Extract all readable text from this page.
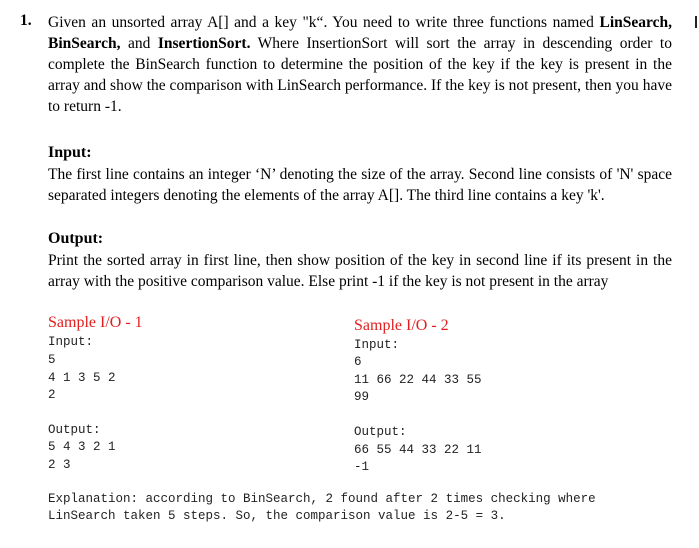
1. Given an unsorted array A[] and a key "k“. You need to write three functions named LinSearch, BinSearch, and InsertionSort. Where InsertionSort will sort the array in descending order to complete the BinSearch function to determine the position of the key if the key is present in the array and show the comparison with LinSearch performance. If the key is not present, then you have to return -1.
Input:
The first line contains an integer ‘N’ denoting the size of the array. Second line consists of 'N' space separated integers denoting the elements of the array A[]. The third line contains a key 'k'.
Output:
Print the sorted array in first line, then show position of the key in second line if its present in the array with the positive comparison value. Else print -1 if the key is not present in the array
Sample I/O - 1
Input:
5
4 1 3 5 2
2
Output:
5 4 3 2 1
2 3
Sample I/O - 2
Input:
6
11 66 22 44 33 55
99
Output:
66 55 44 33 22 11
-1
Explanation: according to BinSearch, 2 found after 2 times checking where
LinSearch taken 5 steps. So, the comparison value is 2-5 = 3.
